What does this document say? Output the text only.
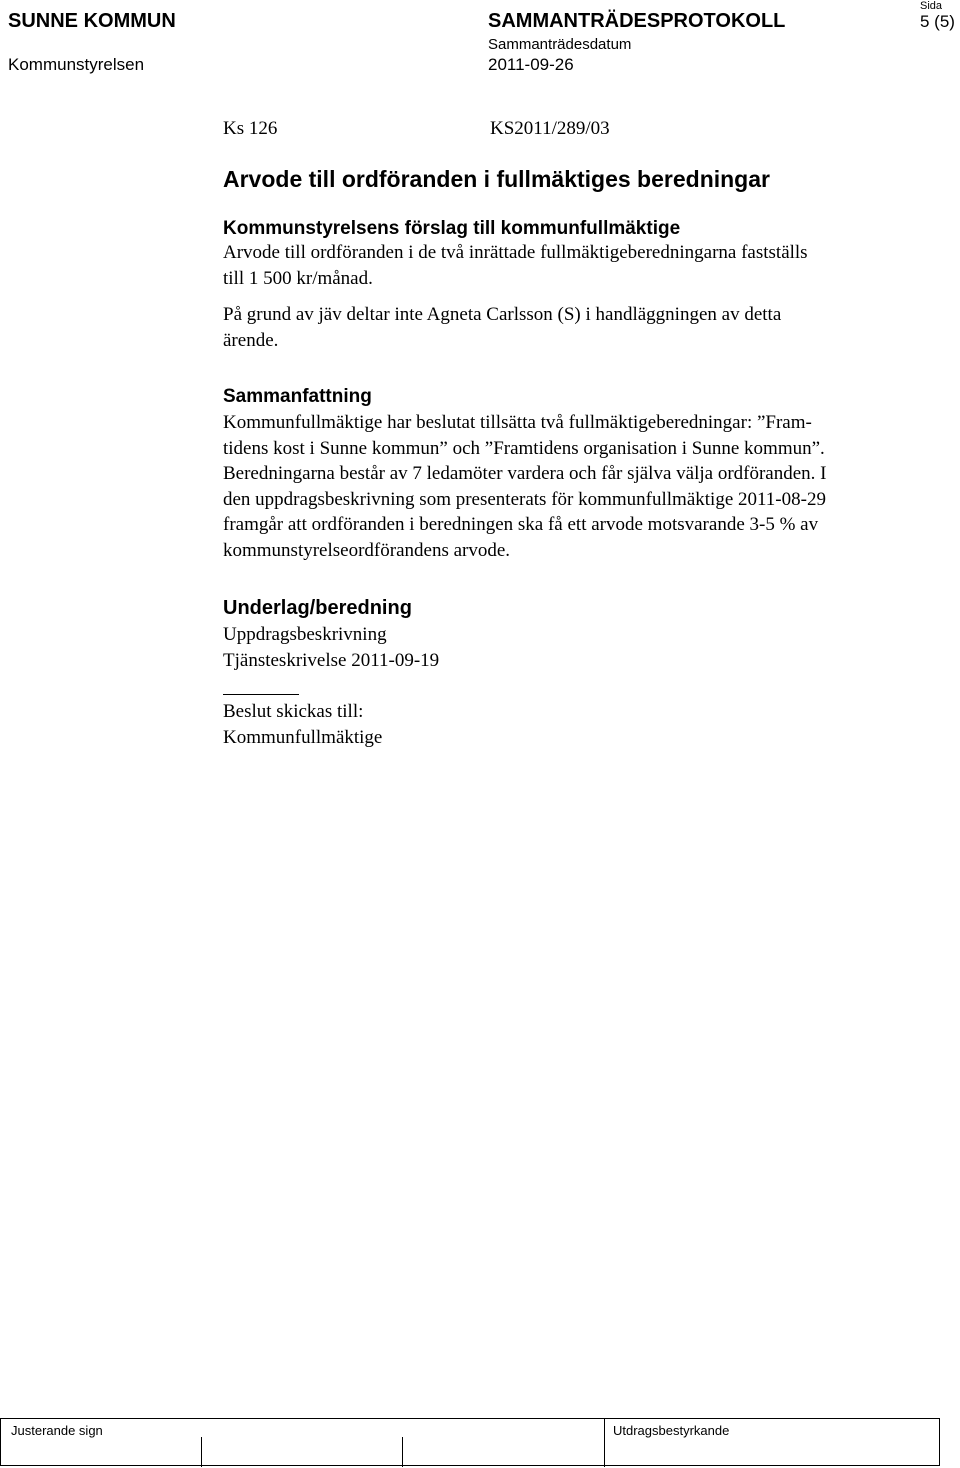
SUNNE KOMMUN
Kommunstyrelsen
SAMMANTRÄDESPROTOKOLL
Sammanträdesdatum
2011-09-26
Sida
5 (5)
Ks 126	KS2011/289/03
Arvode till ordföranden i fullmäktiges beredningar
Kommunstyrelsens förslag till kommunfullmäktige
Arvode till ordföranden i de två inrättade fullmäktigeberedningarna fastställs
till 1 500 kr/månad.
På grund av jäv deltar inte Agneta Carlsson (S) i handläggningen av detta
ärende.
Sammanfattning
Kommunfullmäktige har beslutat tillsätta två fullmäktigeberedningar: ”Fram-
tidens kost i Sunne kommun” och ”Framtidens organisation i Sunne kommun”.
Beredningarna består av 7 ledamöter vardera och får själva välja ordföranden. I
den uppdragsbeskrivning som presenterats för kommunfullmäktige 2011-08-29
framgår att ordföranden i beredningen ska få ett arvode motsvarande 3-5 % av
kommunstyrelseordförandens arvode.
Underlag/beredning
Uppdragsbeskrivning
Tjänsteskrivelse 2011-09-19
Beslut skickas till:
Kommunfullmäktige
Justerande sign	Utdragsbestyrkande
